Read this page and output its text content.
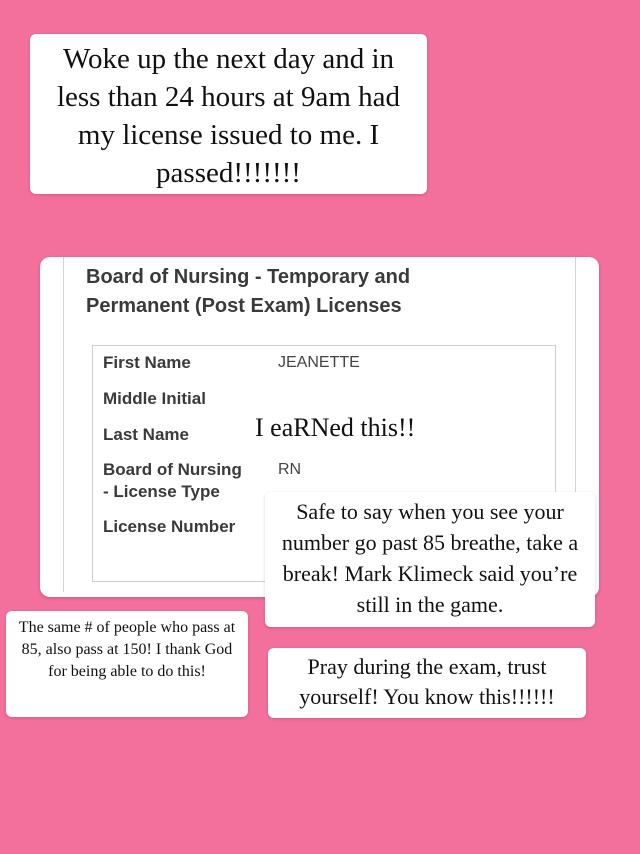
Woke up the next day and in less than 24 hours at 9am had my license issued to me. I passed!!!!!!!
Board of Nursing - Temporary and
Permanent (Post Exam) Licenses
First Name	JEANETTE
Middle Initial
Last Name
Board of Nursing
- License Type
RN
License Number
I eaRNed this!!
Safe to say when you see your number go past 85 breathe, take a break! Mark Klimeck said you’re still in the game.
The same # of people who pass at 85, also pass at 150! I thank God for being able to do this!	Pray during the exam, trust yourself! You know this!!!!!!
